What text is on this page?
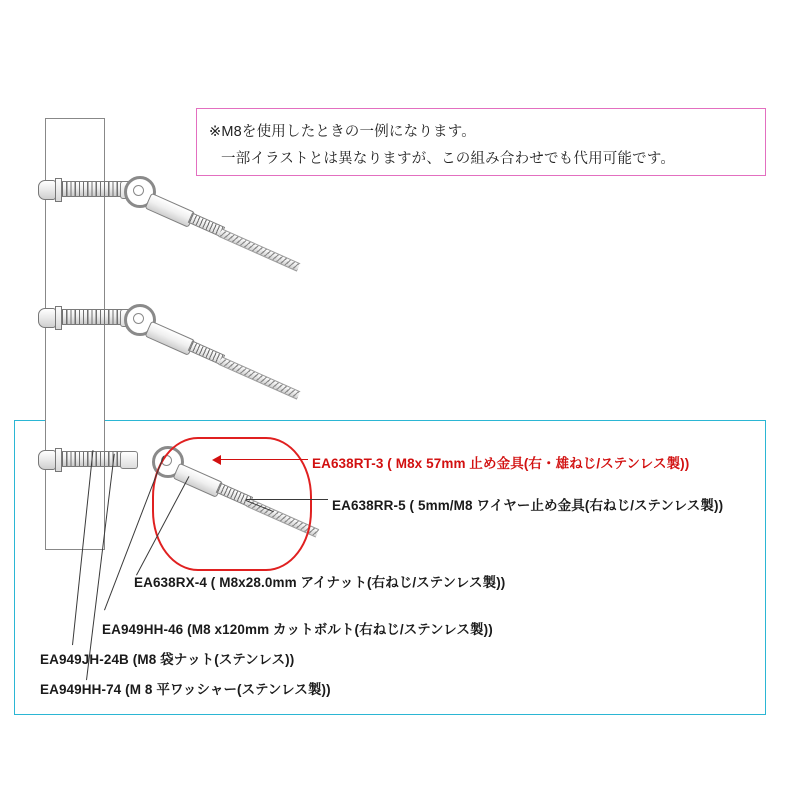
※M8を使用したときの一例になります。
一部イラストとは異なりますが、この組み合わせでも代用可能です。
EA638RT-3 ( M8x 57mm 止め金具(右・雄ねじ/ステンレス製))
EA638RR-5 ( 5mm/M8 ワイヤー止め金具(右ねじ/ステンレス製))
EA638RX-4 ( M8x28.0mm アイナット(右ねじ/ステンレス製))
EA949HH-46 (M8 x120mm カットボルト(右ねじ/ステンレス製))
EA949JH-24B (M8 袋ナット(ステンレス))
EA949HH-74 (M 8 平ワッシャー(ステンレス製))
